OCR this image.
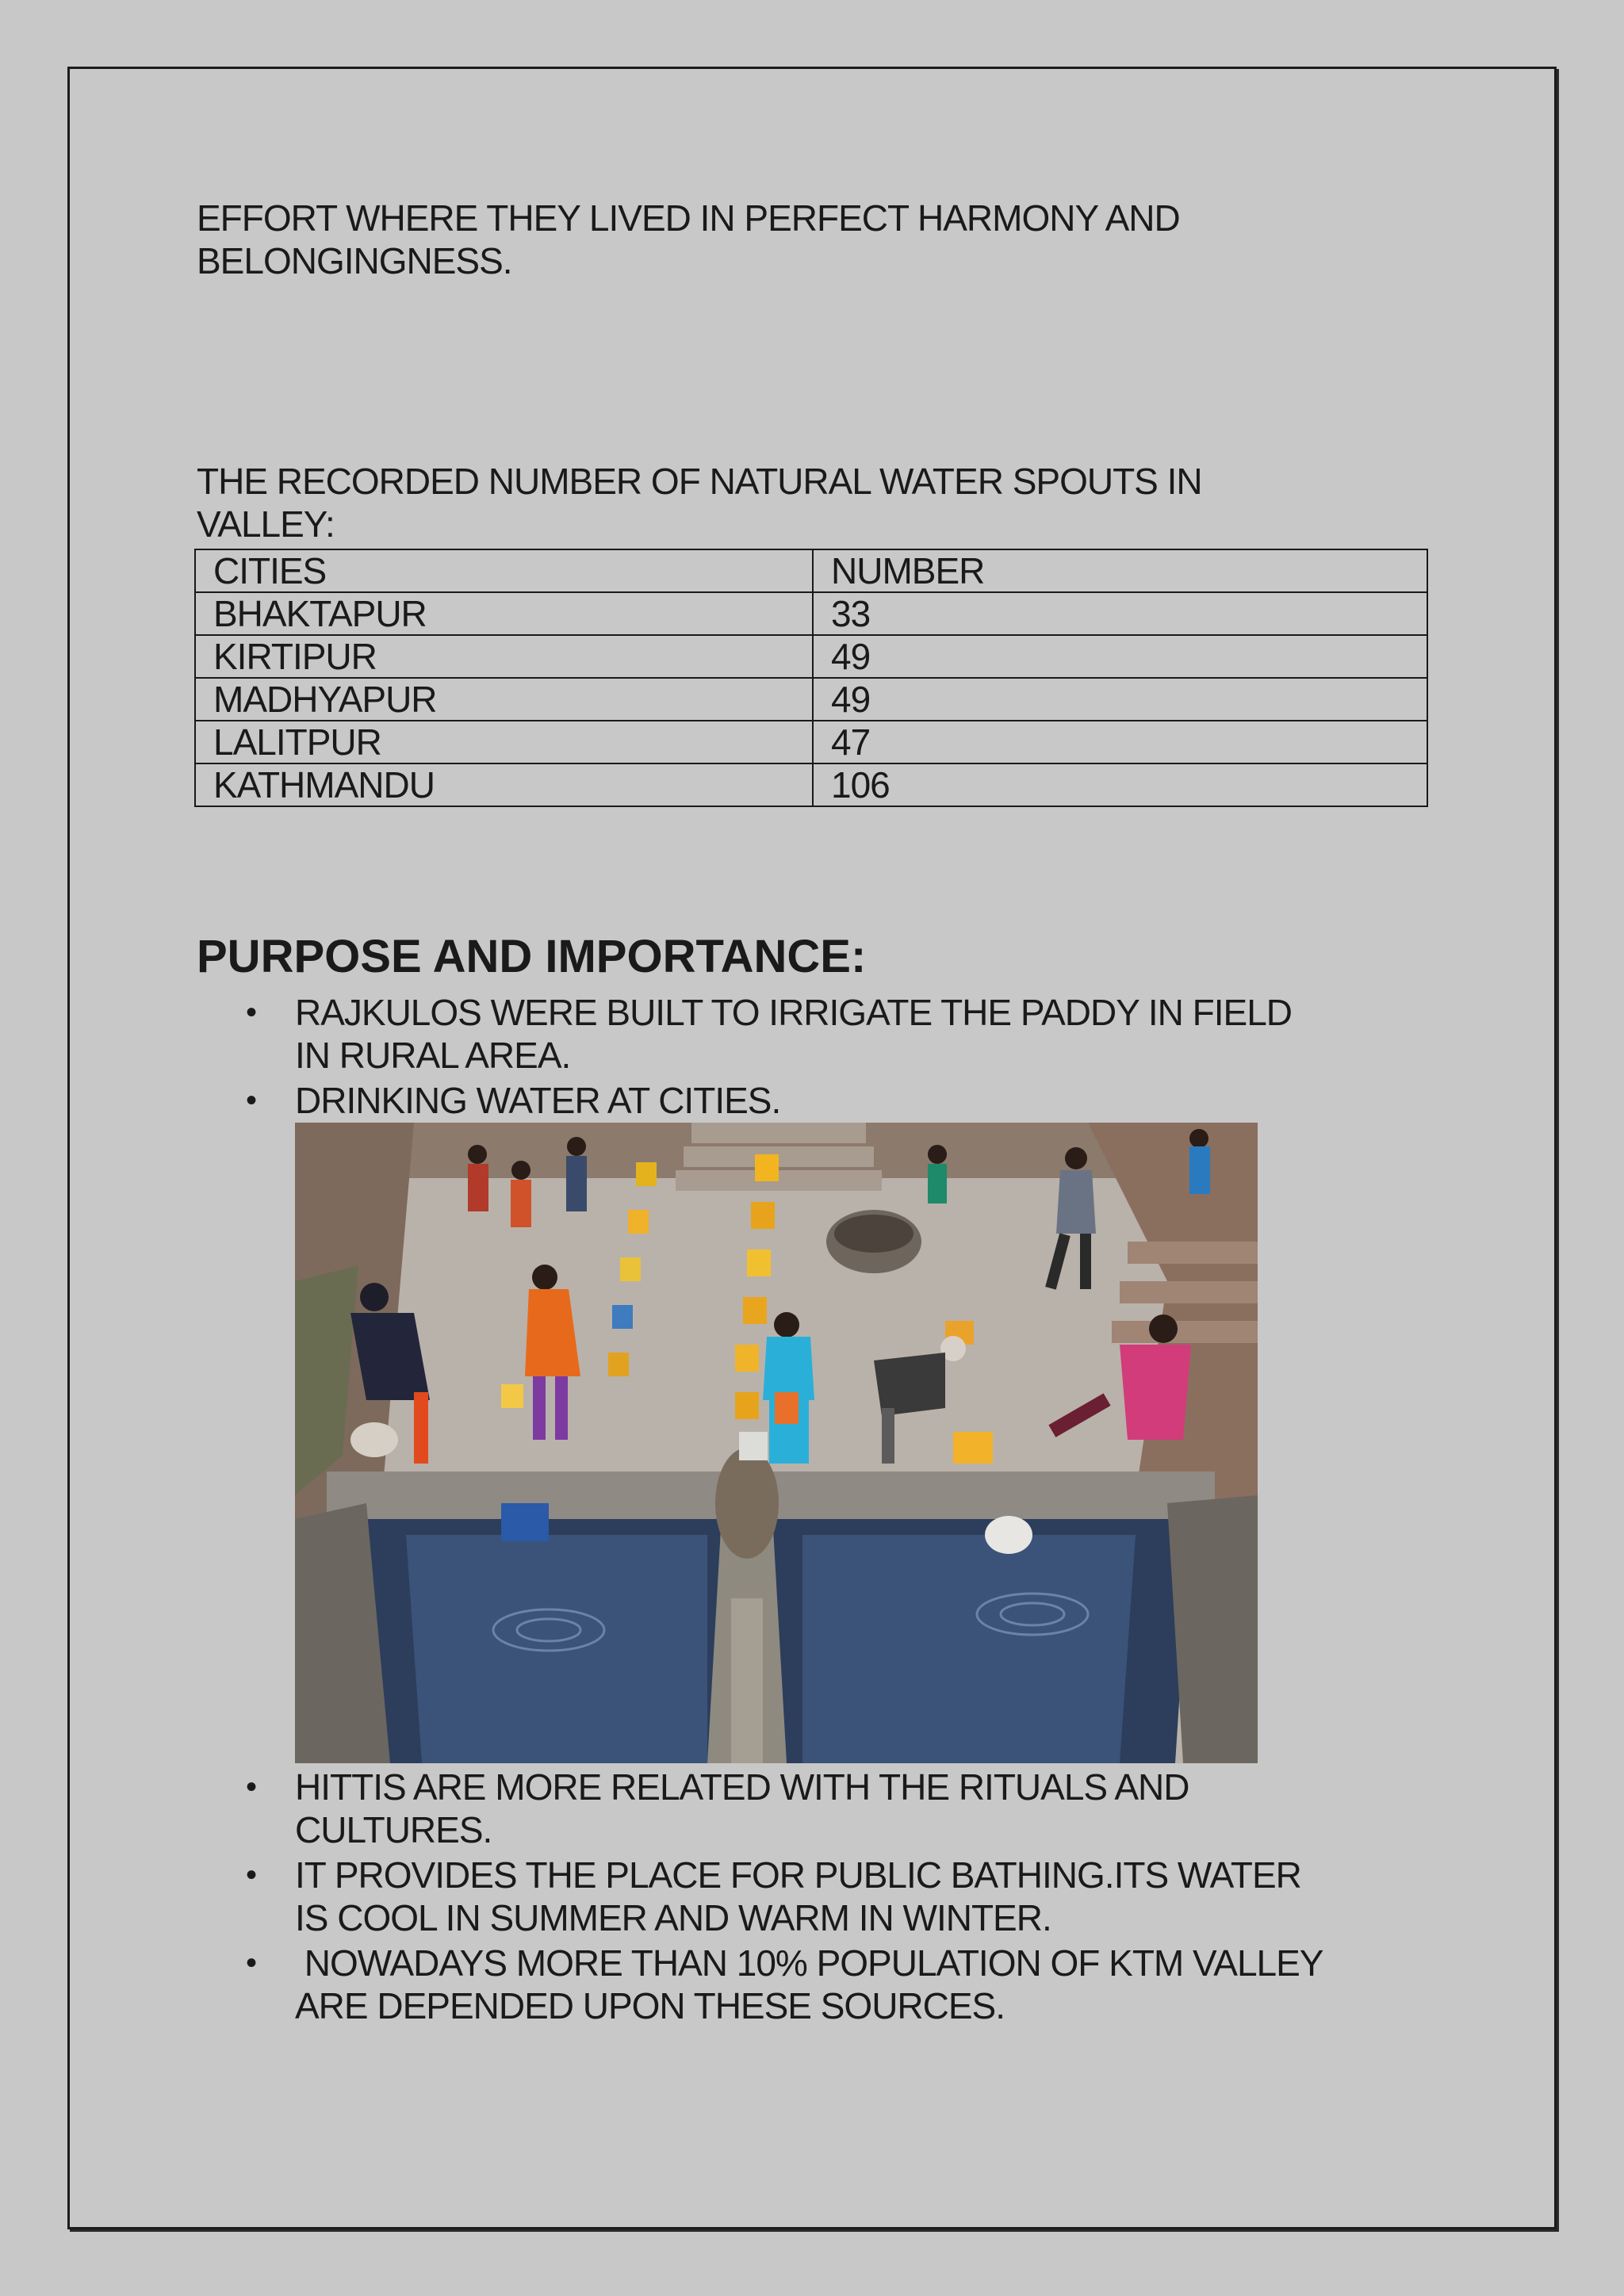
EFFORT WHERE THEY LIVED IN PERFECT HARMONY AND
BELONGINGNESS.
THE RECORDED NUMBER OF NATURAL WATER SPOUTS IN
VALLEY:
CITIES	NUMBER
BHAKTAPUR	33
KIRTIPUR	49
MADHYAPUR	49
LALITPUR	47
KATHMANDU	106
PURPOSE AND IMPORTANCE:
• RAJKULOS WERE BUILT TO IRRIGATE THE PADDY IN FIELD
IN RURAL AREA.
• DRINKING WATER AT CITIES.
• HITTIS ARE MORE RELATED WITH THE RITUALS AND
CULTURES.
• IT PROVIDES THE PLACE FOR PUBLIC BATHING.ITS WATER
IS COOL IN SUMMER AND WARM IN WINTER.
• NOWADAYS MORE THAN 10% POPULATION OF KTM VALLEY
ARE DEPENDED UPON THESE SOURCES.
